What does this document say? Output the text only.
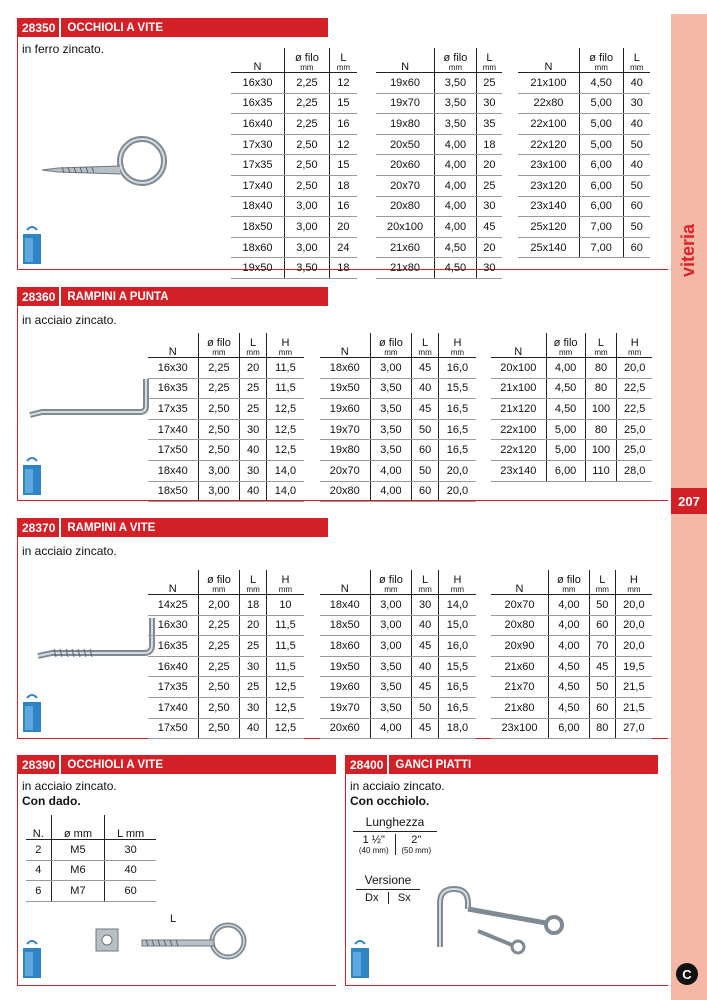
viteria
207
C
28350	OCCHIOLI A VITE
in ferro zincato.
N	ø filo
mm	L
mm

16x30	2,25	12
16x35	2,25	15
16x40	2,25	16
17x30	2,50	12
17x35	2,50	15
17x40	2,50	18
18x40	3,00	16
18x50	3,00	20
18x60	3,00	24
19x50	3,50	18
N	ø filo
mm	L
mm

19x60	3,50	25
19x70	3,50	30
19x80	3,50	35
20x50	4,00	18
20x60	4,00	20
20x70	4,00	25
20x80	4,00	30
20x100	4,00	45
21x60	4,50	20
21x80	4,50	30
N	ø filo
mm	L
mm

21x100	4,50	40
22x80	5,00	30
22x100	5,00	40
22x120	5,00	50
23x100	6,00	40
23x120	6,00	50
23x140	6,00	60
25x120	7,00	50
25x140	7,00	60
28360	RAMPINI A PUNTA
in acciaio zincato.
N	ø filo
mm	L
mm	H
mm

16x30	2,25	20	11,5
16x35	2,25	25	11,5
17x35	2,50	25	12,5
17x40	2,50	30	12,5
17x50	2,50	40	12,5
18x40	3,00	30	14,0
18x50	3,00	40	14,0
N	ø filo
mm	L
mm	H
mm

18x60	3,00	45	16,0
19x50	3,50	40	15,5
19x60	3,50	45	16,5
19x70	3,50	50	16,5
19x80	3,50	60	16,5
20x70	4,00	50	20,0
20x80	4,00	60	20,0
N	ø filo
mm	L
mm	H
mm

20x100	4,00	80	20,0
21x100	4,50	80	22,5
21x120	4,50	100	22,5
22x100	5,00	80	25,0
22x120	5,00	100	25,0
23x140	6,00	110	28,0
28370	RAMPINI A VITE
in acciaio zincato.
N	ø filo
mm	L
mm	H
mm

14x25	2,00	18	10
16x30	2,25	20	11,5
16x35	2,25	25	11,5
16x40	2,25	30	11,5
17x35	2,50	25	12,5
17x40	2,50	30	12,5
17x50	2,50	40	12,5
N	ø filo
mm	L
mm	H
mm

18x40	3,00	30	14,0
18x50	3,00	40	15,0
18x60	3,00	45	16,0
19x50	3,50	40	15,5
19x60	3,50	45	16,5
19x70	3,50	50	16,5
20x60	4,00	45	18,0
N	ø filo
mm	L
mm	H
mm

20x70	4,00	50	20,0
20x80	4,00	60	20,0
20x90	4,00	70	20,0
21x60	4,50	45	19,5
21x70	4,50	50	21,5
21x80	4,50	60	21,5
23x100	6,00	80	27,0
28390	OCCHIOLI A VITE
in acciaio zincato.
Con dado.
N.	ø mm	L mm
2	M5	30
4	M6	40
6	M7	60
L
28400	GANCI PIATTI
in acciaio zincato.
Con occhiolo.
Lunghezza
1 ½"
(40 mm)
2"
(50 mm)
Versione
Dx	Sx
